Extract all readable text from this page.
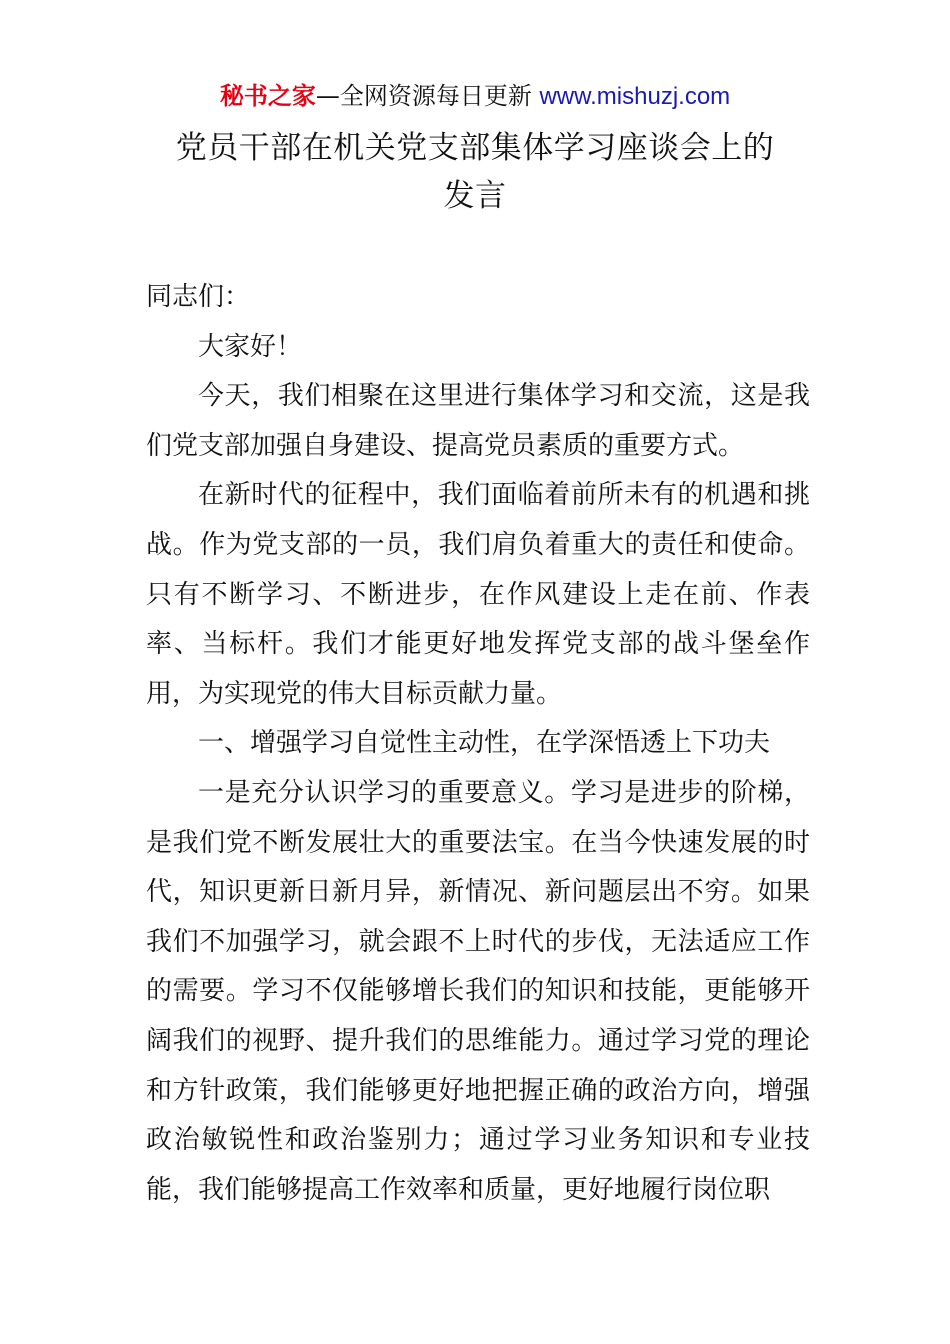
秘书之家—全网资源每日更新 www.mishuzj.com
党员干部在机关党支部集体学习座谈会上的
发言

同志们：

大家好！

今天，我们相聚在这里进行集体学习和交流，这是我们党支部加强自身建设、提高党员素质的重要方式。

在新时代的征程中，我们面临着前所未有的机遇和挑战。作为党支部的一员，我们肩负着重大的责任和使命。只有不断学习、不断进步，在作风建设上走在前、作表率、当标杆。我们才能更好地发挥党支部的战斗堡垒作用，为实现党的伟大目标贡献力量。

一、增强学习自觉性主动性，在学深悟透上下功夫

一是充分认识学习的重要意义。学习是进步的阶梯，是我们党不断发展壮大的重要法宝。在当今快速发展的时代，知识更新日新月异，新情况、新问题层出不穷。如果我们不加强学习，就会跟不上时代的步伐，无法适应工作的需要。学习不仅能够增长我们的知识和技能，更能够开阔我们的视野、提升我们的思维能力。通过学习党的理论和方针政策，我们能够更好地把握正确的政治方向，增强政治敏锐性和政治鉴别力；通过学习业务知识和专业技能，我们能够提高工作效率和质量，更好地履行岗位职
